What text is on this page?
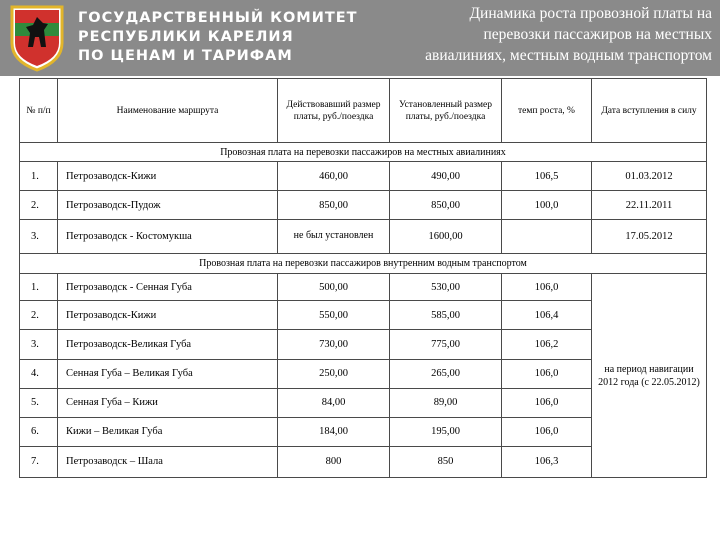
ГОСУДАРСТВЕННЫЙ КОМИТЕТ
РЕСПУБЛИКИ КАРЕЛИЯ
ПО ЦЕНАМ И ТАРИФАМ
Динамика роста провозной платы на
перевозки пассажиров на местных
авиалиниях, местным водным транспортом
№ п/п	Наименование маршрута	Действовавший размер платы, руб./поездка	Установленный размер платы, руб./поездка	темп роста, %	Дата вступления в силу
Провозная плата на перевозки пассажиров на местных авиалиниях					
1.	Петрозаводск-Кижи	460,00	490,00	106,5	01.03.2012
2.	Петрозаводск-Пудож	850,00	850,00	100,0	22.11.2011
3.	Петрозаводск - Костомукша	не был установлен	1600,00		17.05.2012
Провозная плата на перевозки пассажиров внутренним водным транспортом					
1.	Петрозаводск - Сенная Губа	500,00	530,00	106,0	на период навигации 2012 года (с 22.05.2012)
2.	Петрозаводск-Кижи	550,00	585,00	106,4	
3.	Петрозаводск-Великая Губа	730,00	775,00	106,2	
4.	Сенная Губа – Великая Губа	250,00	265,00	106,0	
5.	Сенная Губа – Кижи	84,00	89,00	106,0	
6.	Кижи – Великая Губа	184,00	195,00	106,0	
7.	Петрозаводск – Шала	800	850	106,3	
